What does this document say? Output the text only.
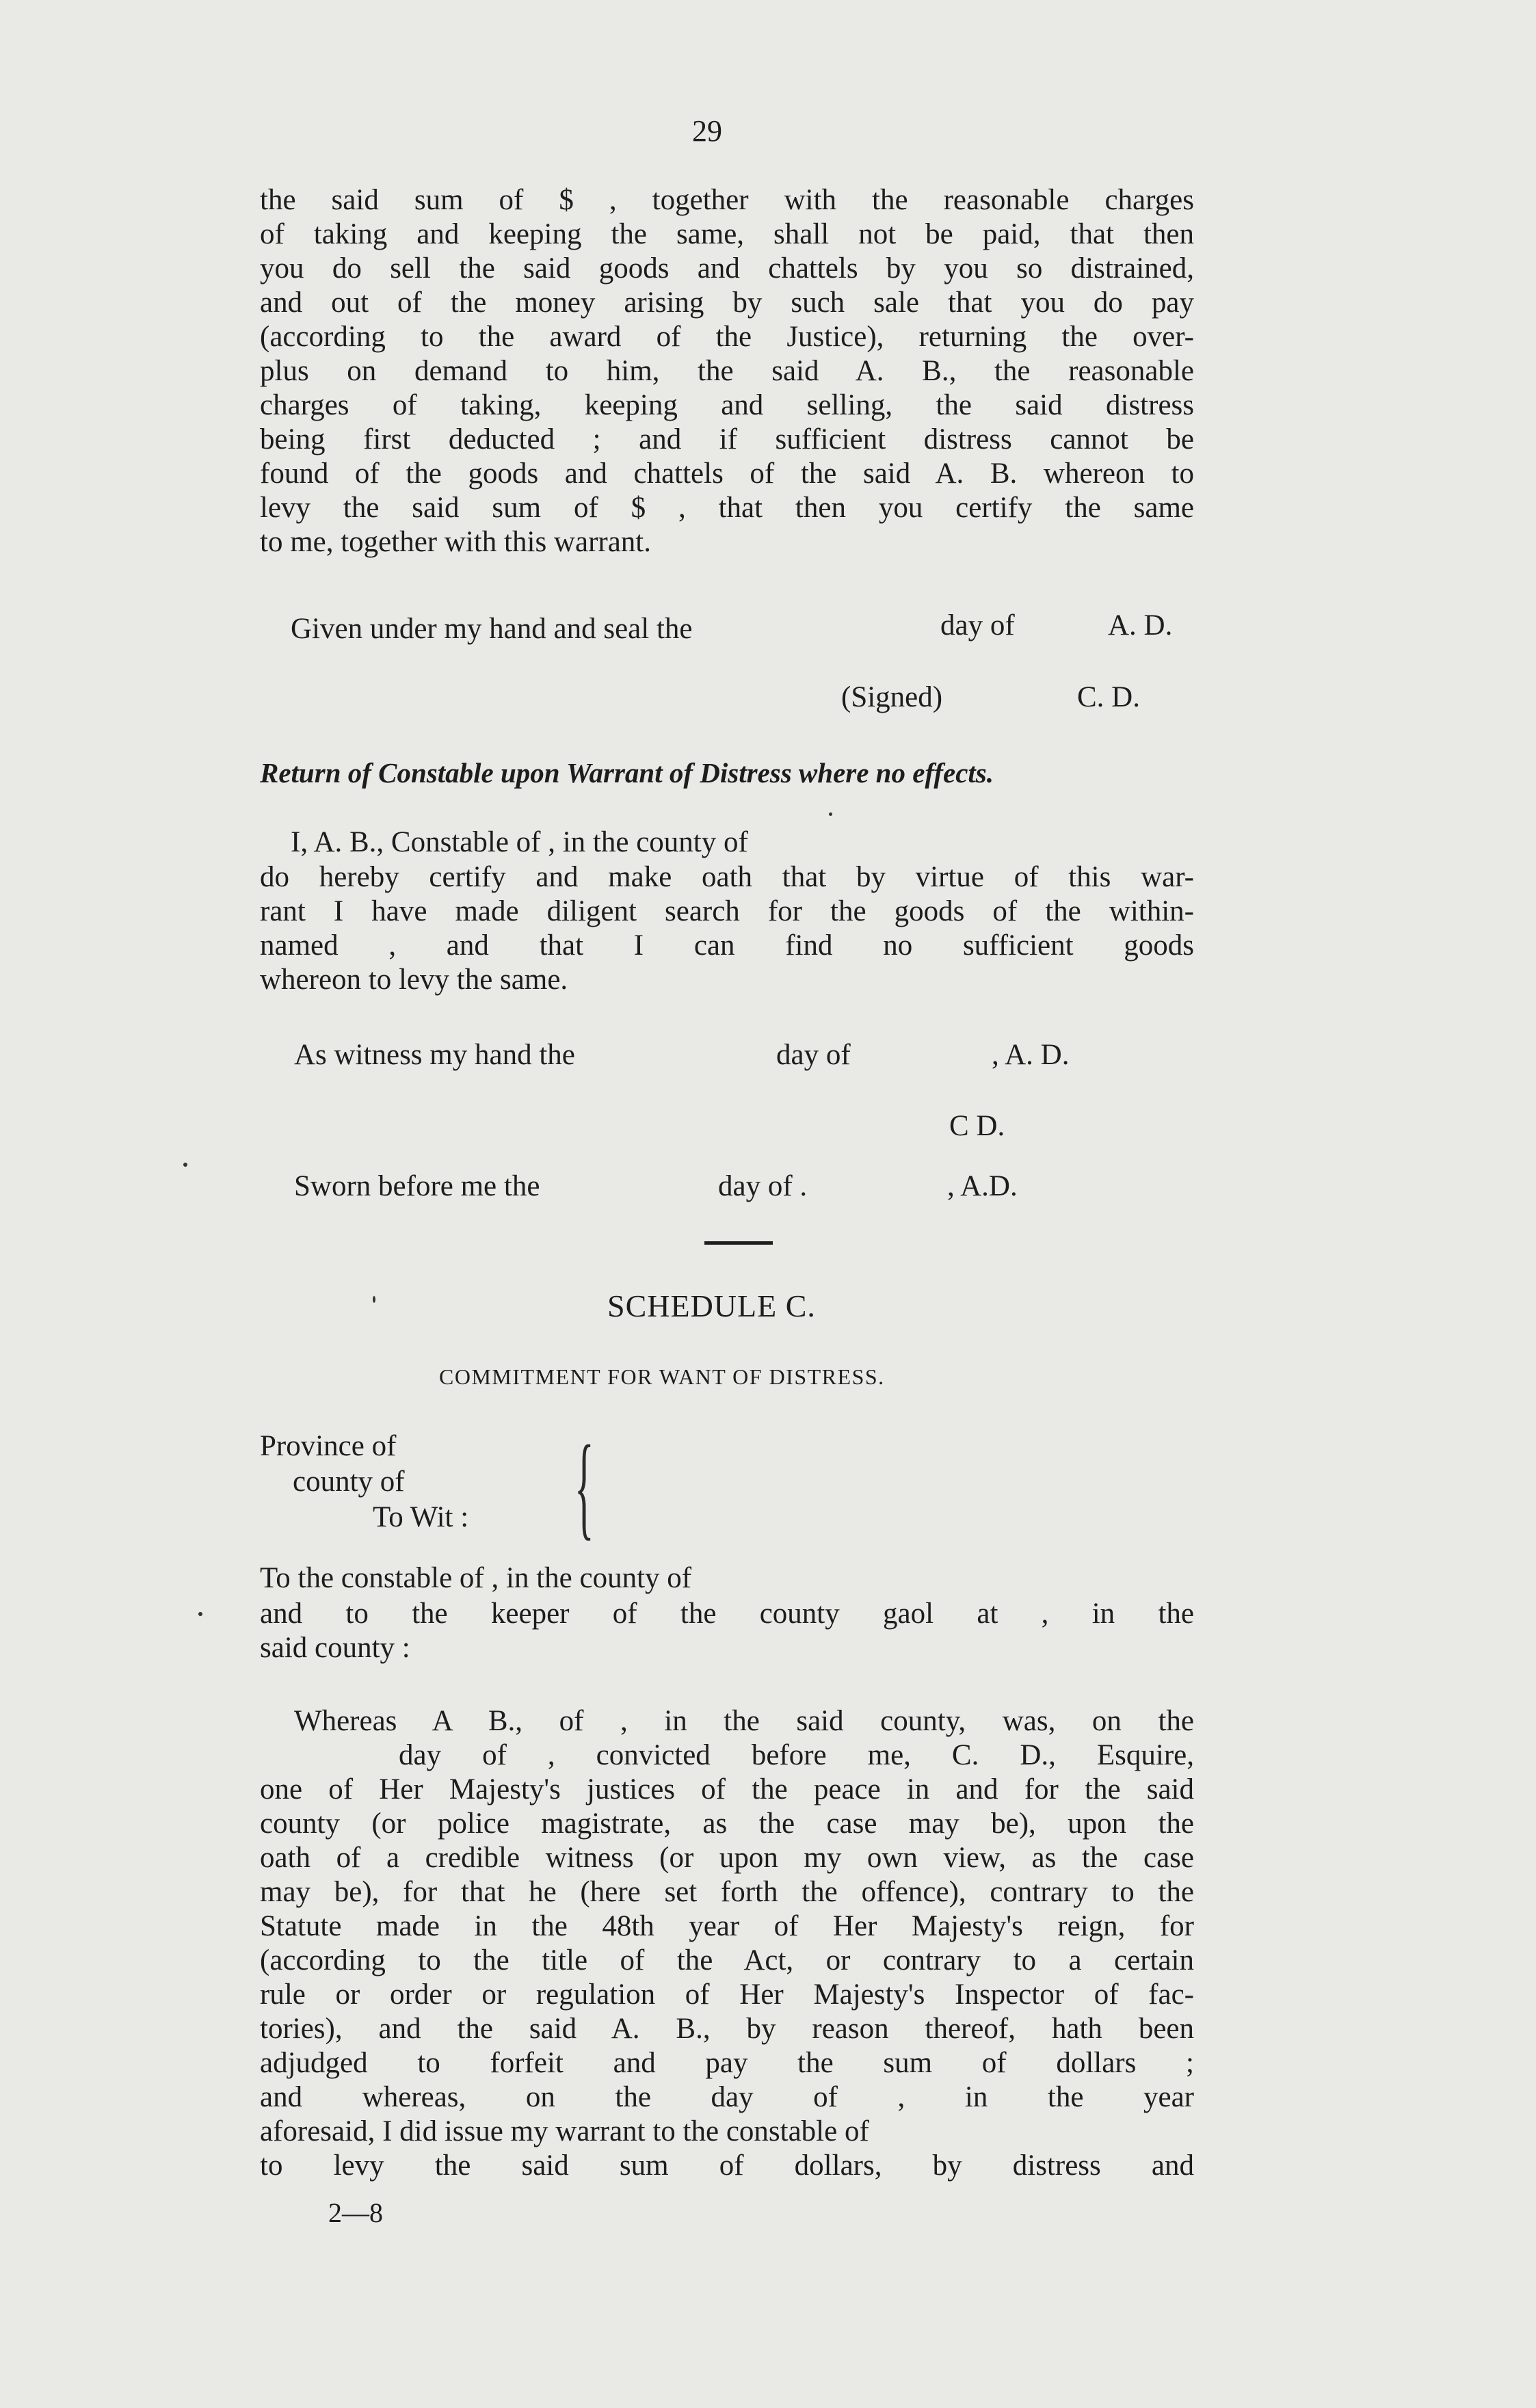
29
the said sum of $ , together with the reasonable charges
of taking and keeping the same, shall not be paid, that then
you do sell the said goods and chattels by you so distrained,
and out of the money arising by such sale that you do pay
(according to the award of the Justice), returning the over-
plus on demand to him, the said A. B., the reasonable
charges of taking, keeping and selling, the said distress
being first deducted ; and if sufficient distress cannot be
found of the goods and chattels of the said A. B. whereon to
levy the said sum of $ , that then you certify the same
to me, together with this warrant.
Given under my hand and seal the	day of	A. D.
(Signed)	C. D.
Return of Constable upon Warrant of Distress where no effects.
I, A. B., Constable of , in the county of
do hereby certify and make oath that by virtue of this war-
rant I have made diligent search for the goods of the within-
named , and that I can find no sufficient goods
whereon to levy the same.
As witness my hand the	day of	, A. D.
C D.
Sworn before me the	day of .	, A.D.
SCHEDULE C.
COMMITMENT FOR WANT OF DISTRESS.
Province of
county of
To Wit : {
To the constable of , in the county of
and to the keeper of the county gaol at , in the
said county :
Whereas A B., of , in the said county, was, on the
day of , convicted before me, C. D., Esquire,
one of Her Majesty's justices of the peace in and for the said
county (or police magistrate, as the case may be), upon the
oath of a credible witness (or upon my own view, as the case
may be), for that he (here set forth the offence), contrary to the
Statute made in the 48th year of Her Majesty's reign, for
(according to the title of the Act, or contrary to a certain
rule or order or regulation of Her Majesty's Inspector of fac-
tories), and the said A. B., by reason thereof, hath been
adjudged to forfeit and pay the sum of dollars ;
and whereas, on the day of , in the year
aforesaid, I did issue my warrant to the constable of
to levy the said sum of dollars, by distress and
2—8
